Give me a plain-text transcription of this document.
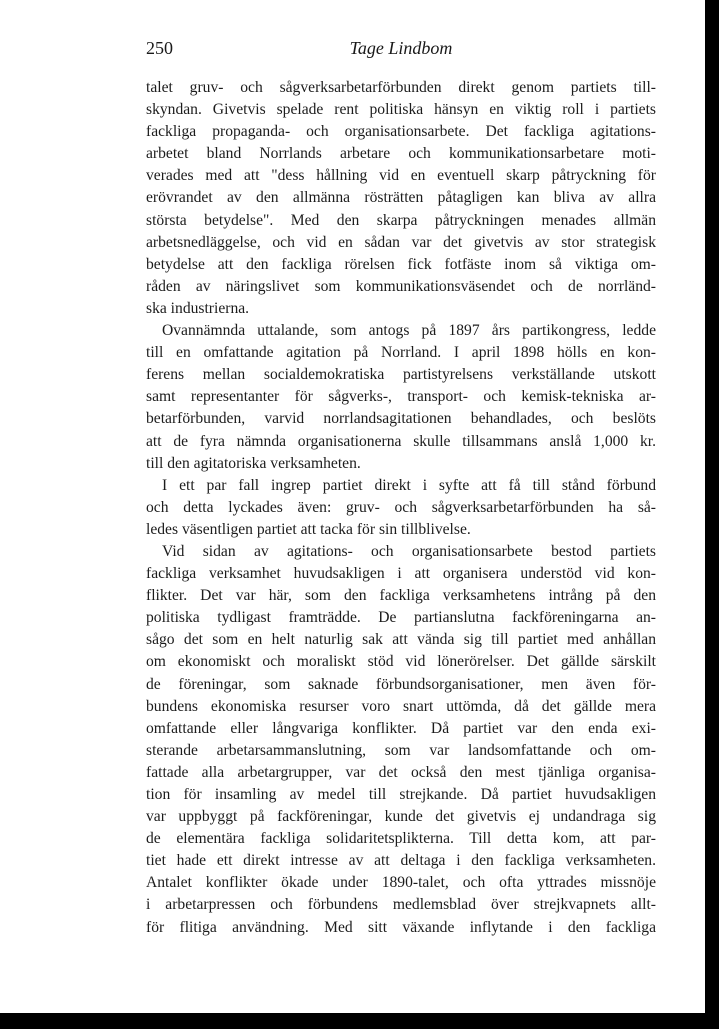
250	Tage Lindbom

talet gruv- och sågverksarbetarförbunden direkt genom partiets till-
skyndan. Givetvis spelade rent politiska hänsyn en viktig roll i partiets
fackliga propaganda- och organisationsarbete. Det fackliga agitations-
arbetet bland Norrlands arbetare och kommunikationsarbetare moti-
verades med att "dess hållning vid en eventuell skarp påtryckning för
erövrandet av den allmänna rösträtten påtagligen kan bliva av allra
största betydelse". Med den skarpa påtryckningen menades allmän
arbetsnedläggelse, och vid en sådan var det givetvis av stor strategisk
betydelse att den fackliga rörelsen fick fotfäste inom så viktiga om-
råden av näringslivet som kommunikationsväsendet och de norrländ-
ska industrierna.

Ovannämnda uttalande, som antogs på 1897 års partikongress, ledde
till en omfattande agitation på Norrland. I april 1898 hölls en kon-
ferens mellan socialdemokratiska partistyrelsens verkställande utskott
samt representanter för sågverks-, transport- och kemisk-tekniska ar-
betarförbunden, varvid norrlandsagitationen behandlades, och beslöts
att de fyra nämnda organisationerna skulle tillsammans anslå 1,000 kr.
till den agitatoriska verksamheten.

I ett par fall ingrep partiet direkt i syfte att få till stånd förbund
och detta lyckades även: gruv- och sågverksarbetarförbunden ha så-
ledes väsentligen partiet att tacka för sin tillblivelse.

Vid sidan av agitations- och organisationsarbete bestod partiets
fackliga verksamhet huvudsakligen i att organisera understöd vid kon-
flikter. Det var här, som den fackliga verksamhetens intrång på den
politiska tydligast framträdde. De partianslutna fackföreningarna an-
sågo det som en helt naturlig sak att vända sig till partiet med anhållan
om ekonomiskt och moraliskt stöd vid lönerörelser. Det gällde särskilt
de föreningar, som saknade förbundsorganisationer, men även för-
bundens ekonomiska resurser voro snart uttömda, då det gällde mera
omfattande eller långvariga konflikter. Då partiet var den enda exi-
sterande arbetarsammanslutning, som var landsomfattande och om-
fattade alla arbetargrupper, var det också den mest tjänliga organisa-
tion för insamling av medel till strejkande. Då partiet huvudsakligen
var uppbyggt på fackföreningar, kunde det givetvis ej undandraga sig
de elementära fackliga solidaritetsplikterna. Till detta kom, att par-
tiet hade ett direkt intresse av att deltaga i den fackliga verksamheten.
Antalet konflikter ökade under 1890-talet, och ofta yttrades missnöje
i arbetarpressen och förbundens medlemsblad över strejkvapnets allt-
för flitiga användning. Med sitt växande inflytande i den fackliga
